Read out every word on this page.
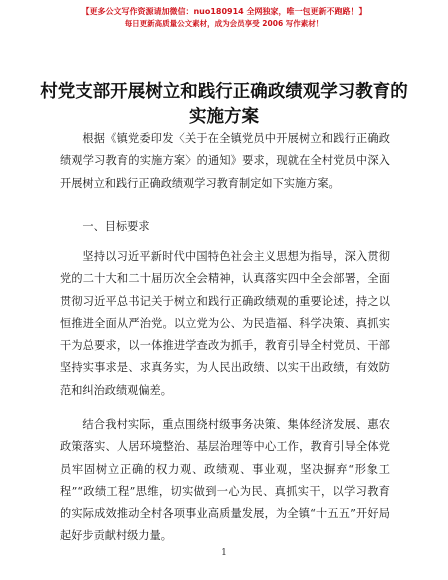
【更多公文写作资源请加微信：nuo180914 全网独家，唯一包更新不跑路！】
每日更新高质量公文素材，成为会员享受 2006 写作素材！
村党支部开展树立和践行正确政绩观学习教育的实施方案

根据《镇党委印发〈关于在全镇党员中开展树立和践行正确政绩观学习教育的实施方案〉的通知》要求，现就在全村党员中深入开展树立和践行正确政绩观学习教育制定如下实施方案。

一、目标要求

坚持以习近平新时代中国特色社会主义思想为指导，深入贯彻党的二十大和二十届历次全会精神，认真落实四中全会部署，全面贯彻习近平总书记关于树立和践行正确政绩观的重要论述，持之以恒推进全面从严治党。以立党为公、为民造福、科学决策、真抓实干为总要求，以一体推进学查改为抓手，教育引导全村党员、干部坚持实事求是、求真务实，为人民出政绩、以实干出政绩，有效防范和纠治政绩观偏差。

结合我村实际，重点围绕村级事务决策、集体经济发展、惠农政策落实、人居环境整治、基层治理等中心工作，教育引导全体党员牢固树立正确的权力观、政绩观、事业观，坚决摒弃“形象工程”“政绩工程”思维，切实做到一心为民、真抓实干，以学习教育的实际成效推动全村各项事业高质量发展，为全镇“十五五”开好局起好步贡献村级力量。

1
